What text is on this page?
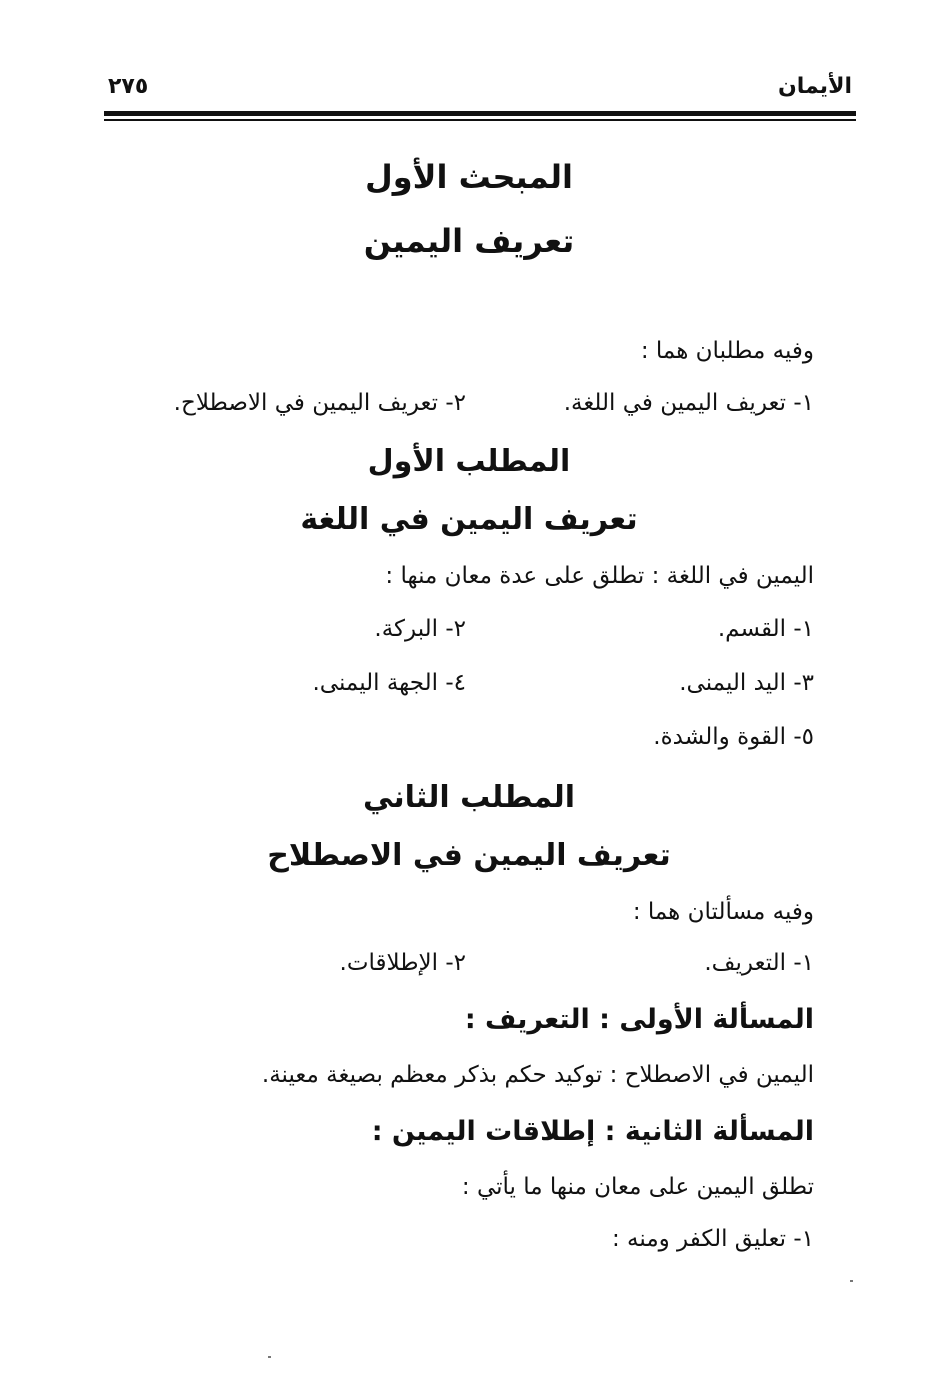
الأيمان
٢٧٥
المبحث الأول
تعريف اليمين
وفيه مطلبان هما :
١- تعريف اليمين في اللغة.
٢- تعريف اليمين في الاصطلاح.
المطلب الأول
تعريف اليمين في اللغة
اليمين في اللغة : تطلق على عدة معان منها :
١- القسم.
٢- البركة.
٣- اليد اليمنى.
٤- الجهة اليمنى.
٥- القوة والشدة.
المطلب الثاني
تعريف اليمين في الاصطلاح
وفيه مسألتان هما :
١- التعريف.
٢- الإطلاقات.
المسألة الأولى : التعريف :
اليمين في الاصطلاح : توكيد حكم بذكر معظم بصيغة معينة.
المسألة الثانية : إطلاقات اليمين :
تطلق اليمين على معان منها ما يأتي :
١- تعليق الكفر ومنه :
